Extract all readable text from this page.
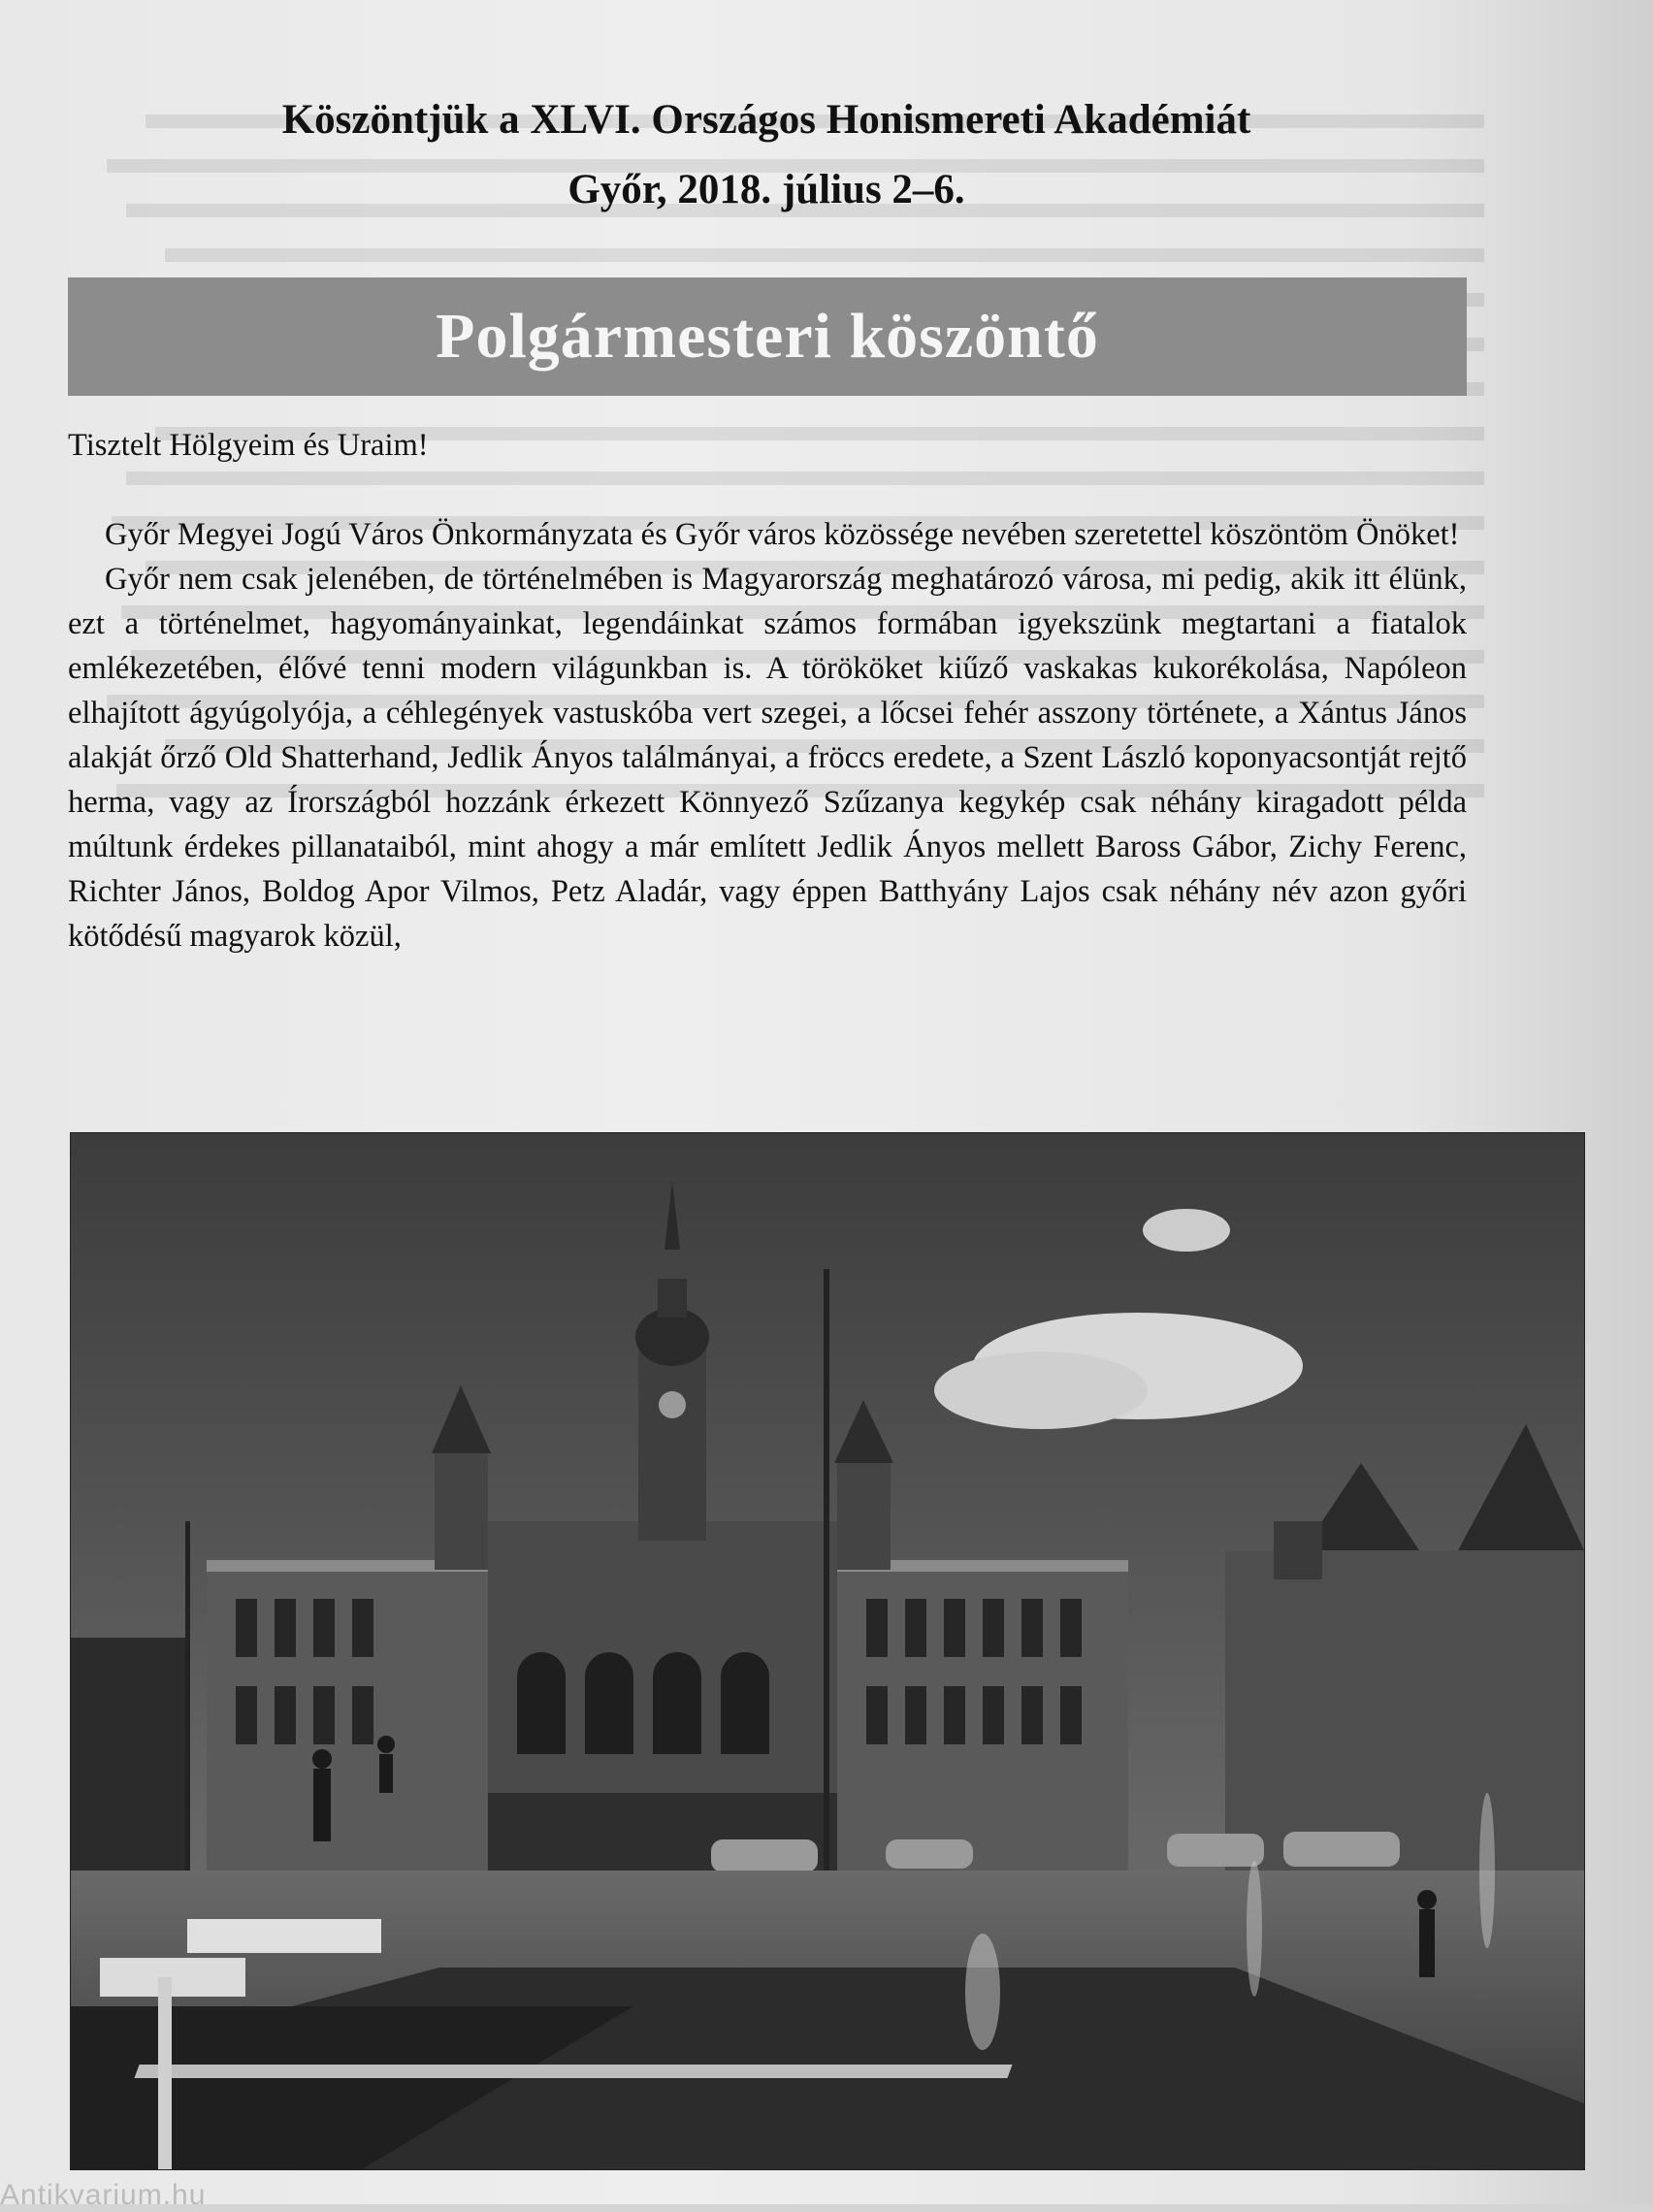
Köszöntjük a XLVI. Országos Honismereti Akadémiát
Győr, 2018. július 2–6.
Polgármesteri köszöntő

Tisztelt Hölgyeim és Uraim!

Győr Megyei Jogú Város Önkormányzata és Győr város közössége nevében szeretettel köszöntöm Önöket!

Győr nem csak jelenében, de történelmében is Magyarország meghatározó városa, mi pedig, akik itt élünk, ezt a történelmet, hagyományainkat, legendáinkat számos formában igyekszünk megtartani a fiatalok emlékezetében, élővé tenni modern világunkban is. A törököket kiűző vaskakas kukorékolása, Napóleon elhajított ágyúgolyója, a céhlegények vastuskóba vert szegei, a lőcsei fehér asszony története, a Xántus János alakját őrző Old Shatterhand, Jedlik Ányos találmányai, a fröccs eredete, a Szent László koponyacsontját rejtő herma, vagy az Írországból hozzánk érkezett Könnyező Szűzanya kegykép csak néhány kiragadott példa múltunk érdekes pillanataiból, mint ahogy a már említett Jedlik Ányos mellett Baross Gábor, Zichy Ferenc, Richter János, Boldog Apor Vilmos, Petz Aladár, vagy éppen Batthyány Lajos csak néhány név azon győri kötődésű magyarok közül,

Antikvarium.hu
